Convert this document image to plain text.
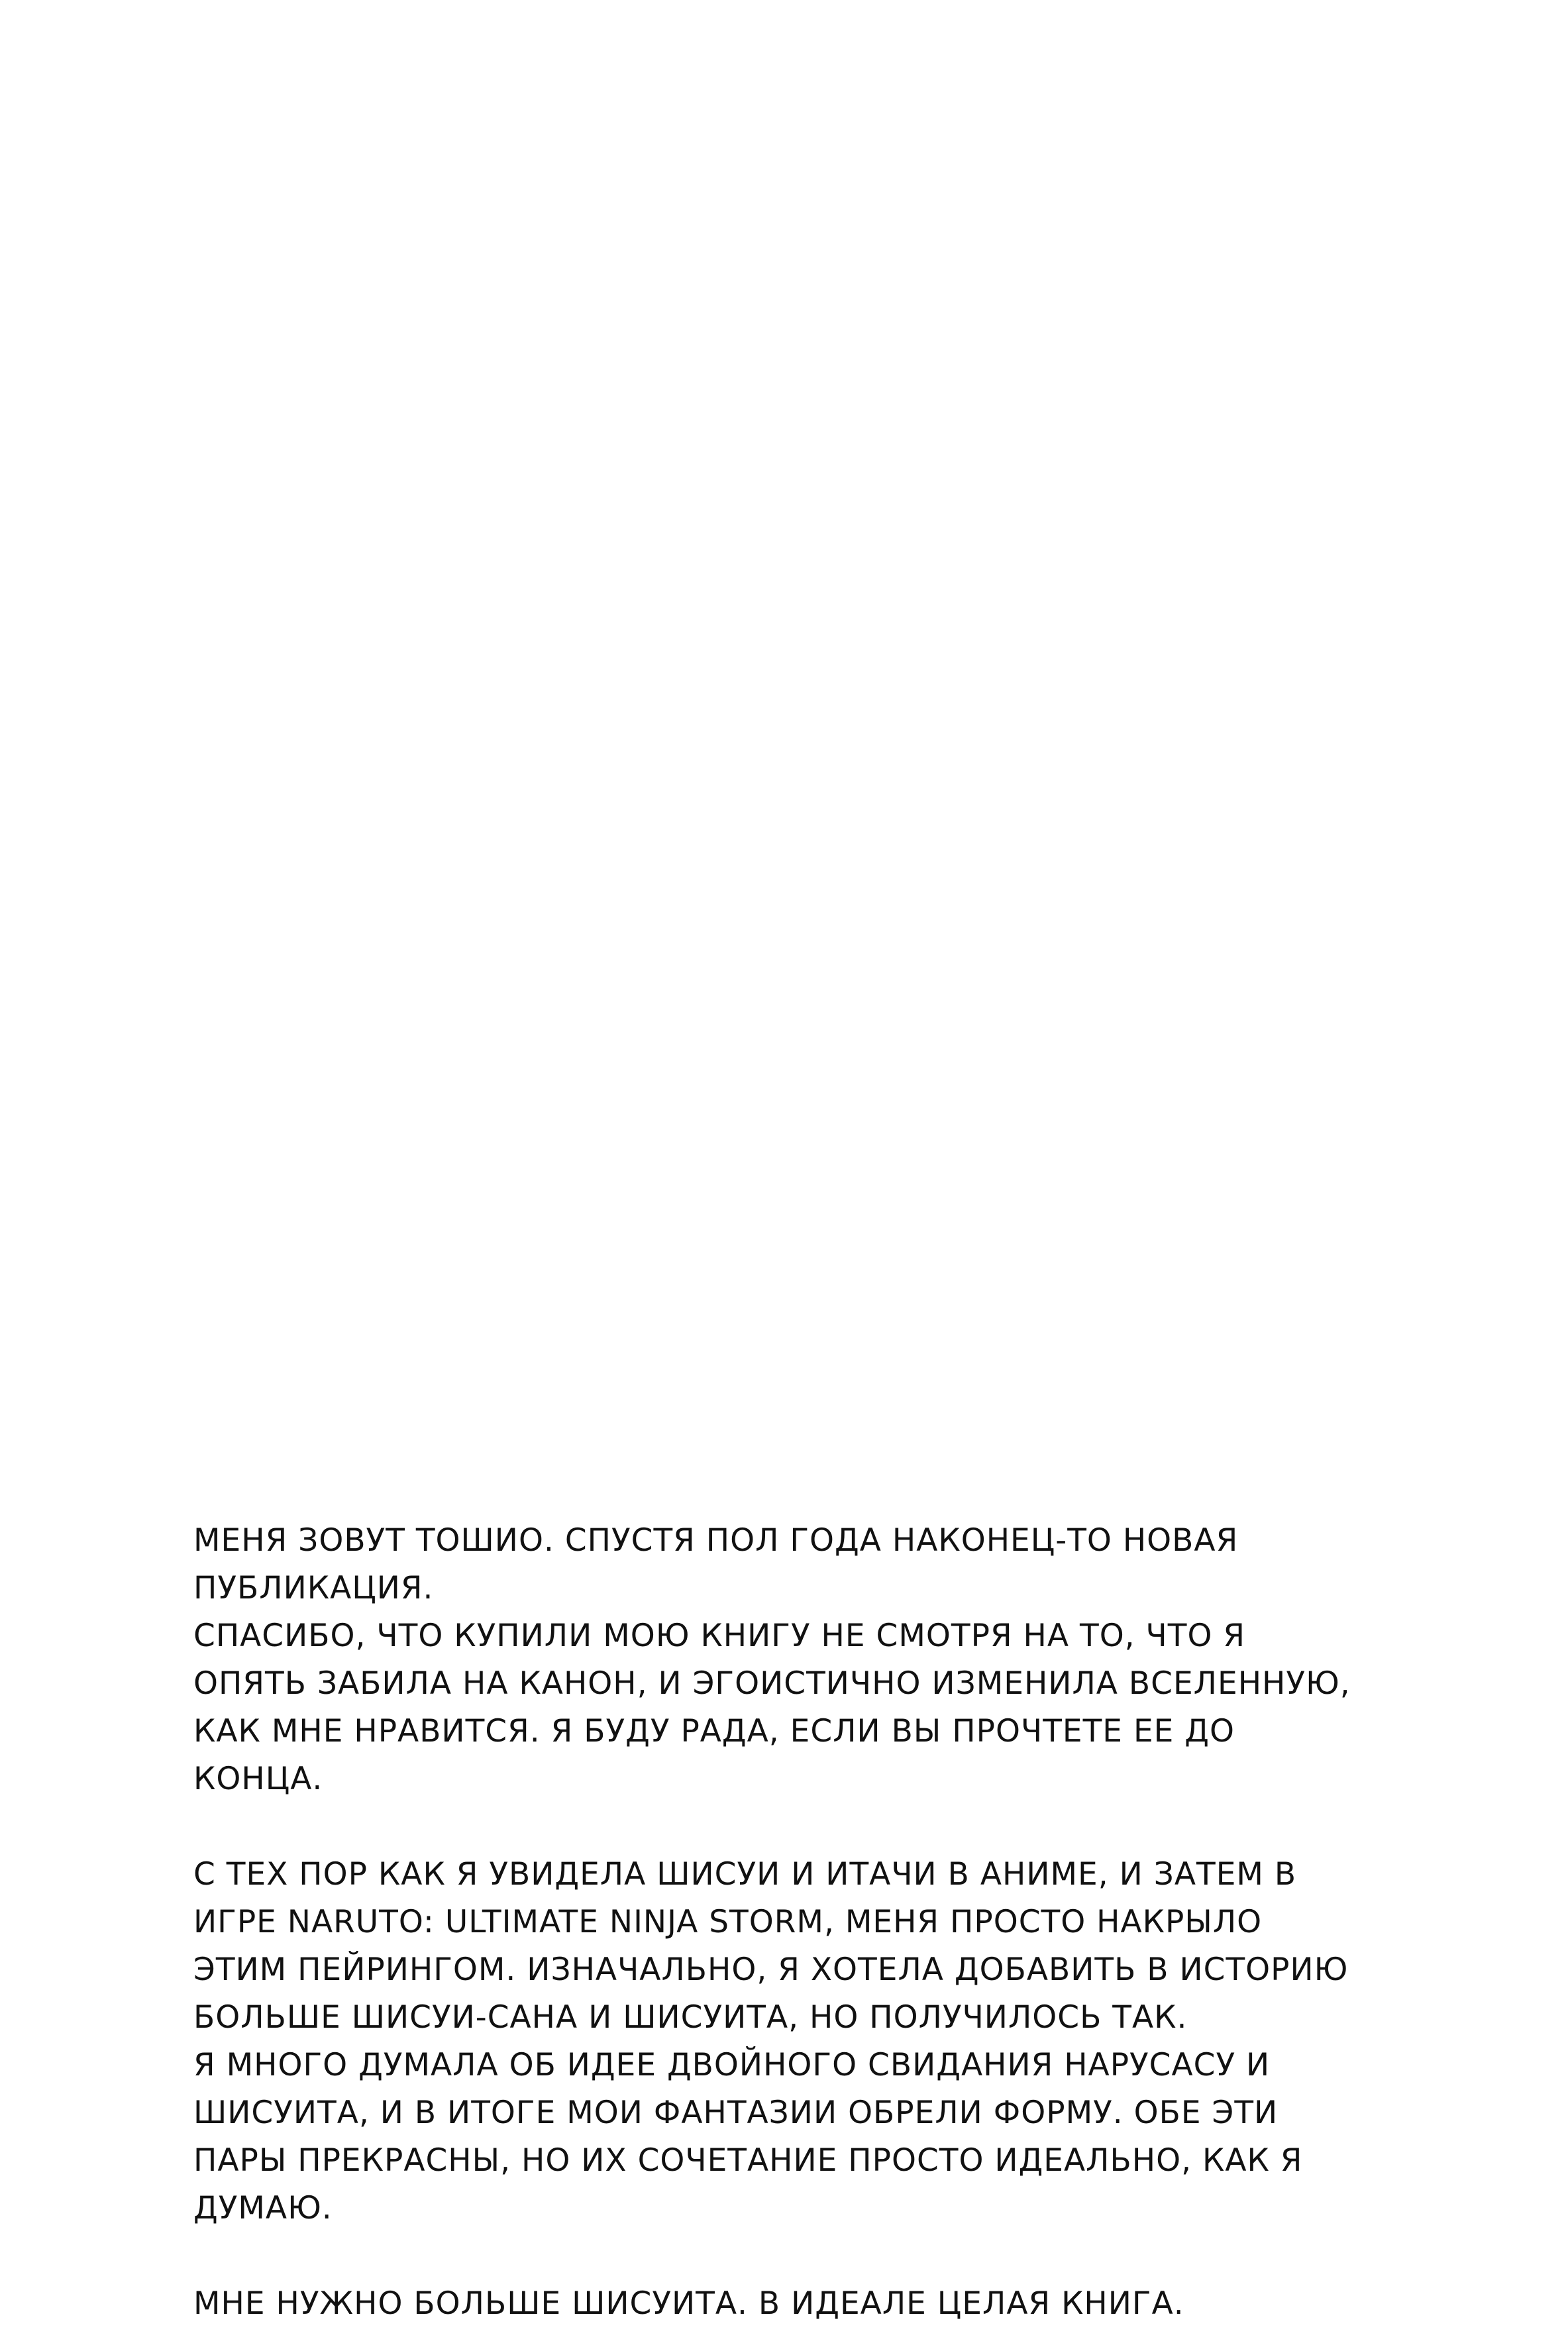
МЕНЯ ЗОВУТ ТОШИО. СПУСТЯ ПОЛ ГОДА НАКОНЕЦ-ТО НОВАЯ
ПУБЛИКАЦИЯ.
СПАСИБО, ЧТО КУПИЛИ МОЮ КНИГУ НЕ СМОТРЯ НА ТО, ЧТО Я
ОПЯТЬ ЗАБИЛА НА КАНОН, И ЭГОИСТИЧНО ИЗМЕНИЛА ВСЕЛЕННУЮ,
КАК МНЕ НРАВИТСЯ. Я БУДУ РАДА, ЕСЛИ ВЫ ПРОЧТЕТЕ ЕЕ ДО
КОНЦА.

С ТЕХ ПОР КАК Я УВИДЕЛА ШИСУИ И ИТАЧИ В АНИМЕ, И ЗАТЕМ В
ИГРЕ NARUTO: ULTIMATE NINJA STORM, МЕНЯ ПРОСТО НАКРЫЛО
ЭТИМ ПЕЙРИНГОМ. ИЗНАЧАЛЬНО, Я ХОТЕЛА ДОБАВИТЬ В ИСТОРИЮ
БОЛЬШЕ ШИСУИ-САНА И ШИСУИТА, НО ПОЛУЧИЛОСЬ ТАК.
Я МНОГО ДУМАЛА ОБ ИДЕЕ ДВОЙНОГО СВИДАНИЯ НАРУСАСУ И
ШИСУИТА, И В ИТОГЕ МОИ ФАНТАЗИИ ОБРЕЛИ ФОРМУ. ОБЕ ЭТИ
ПАРЫ ПРЕКРАСНЫ, НО ИХ СОЧЕТАНИЕ ПРОСТО ИДЕАЛЬНО, КАК Я
ДУМАЮ.

МНЕ НУЖНО БОЛЬШЕ ШИСУИТА. В ИДЕАЛЕ ЦЕЛАЯ КНИГА.
